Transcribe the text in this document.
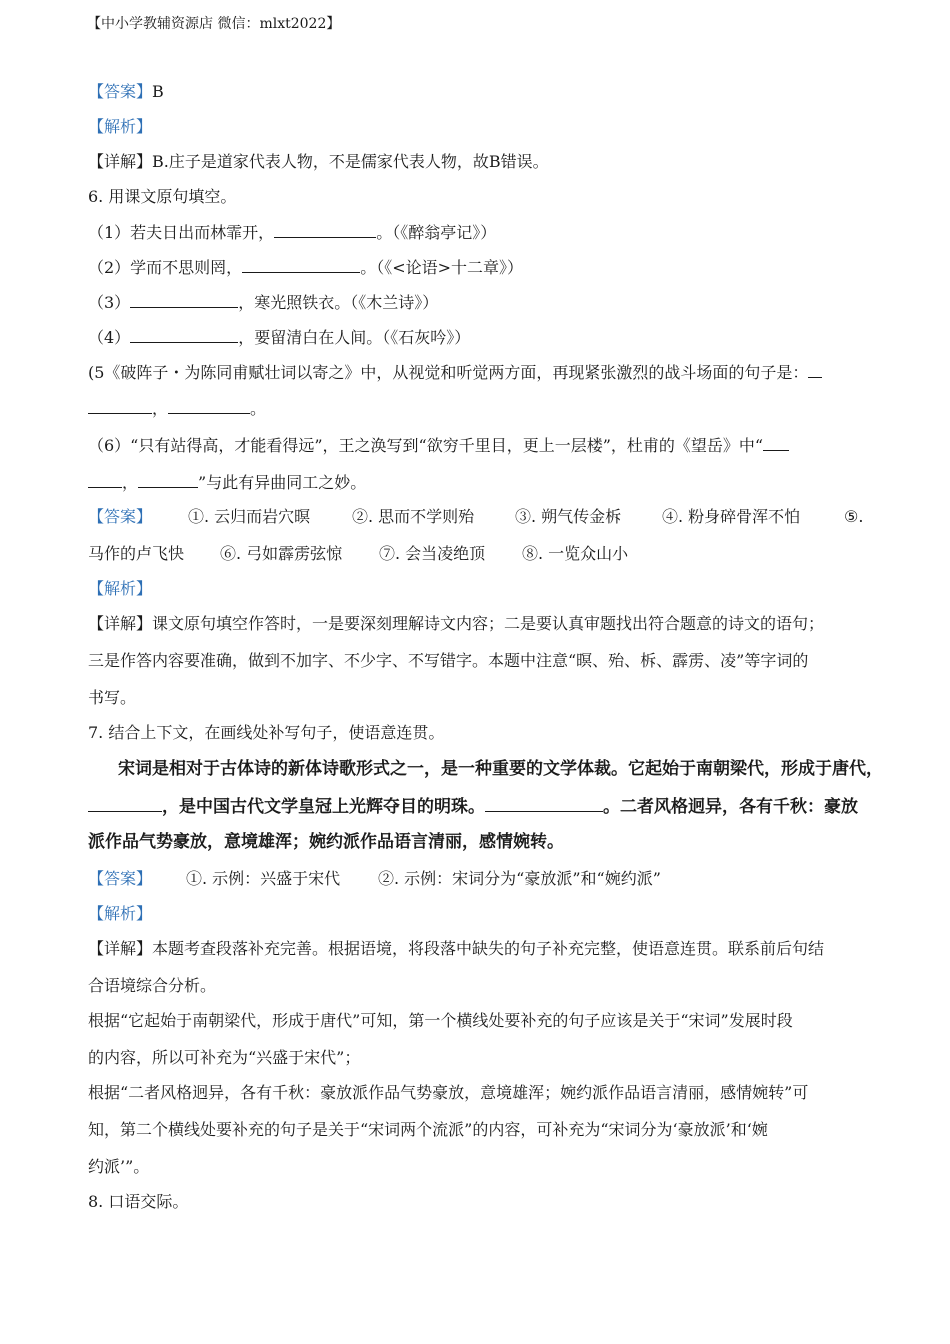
【中小学教辅资源店 微信：mlxt2022】
【答案】B
【解析】
【详解】B.庄子是道家代表人物，不是儒家代表人物，故B错误。
6. 用课文原句填空。
（1）若夫日出而林霏开，	。（《醉翁亭记》）
（2）学而不思则罔，	。（《<论语>十二章》）
（3）	，寒光照铁衣。（《木兰诗》）
（4）	，要留清白在人间。（《石灰吟》）
(5《破阵子・为陈同甫赋壮词以寄之》中，从视觉和听觉两方面，再现紧张激烈的战斗场面的句子是：
，	。
（6）“只有站得高，才能看得远”，王之涣写到“欲穷千里目，更上一层楼”，杜甫的《望岳》中“
，	”与此有异曲同工之妙。
【答案】 ①. 云归而岩穴暝	②. 思而不学则殆	③. 朔气传金柝	④. 粉身碎骨浑不怕	⑤.
马作的卢飞快 ⑥. 弓如霹雳弦惊 ⑦. 会当凌绝顶 ⑧. 一览众山小
【解析】
【详解】课文原句填空作答时，一是要深刻理解诗文内容；二是要认真审题找出符合题意的诗文的语句；
三是作答内容要准确，做到不加字、不少字、不写错字。本题中注意“暝、殆、柝、霹雳、凌”等字词的
书写。
7. 结合上下文，在画线处补写句子，使语意连贯。
宋词是相对于古体诗的新体诗歌形式之一，是一种重要的文学体裁。它起始于南朝梁代，形成于唐代，
，是中国古代文学皇冠上光辉夺目的明珠。	。二者风格迥异，各有千秋：豪放
派作品气势豪放，意境雄浑；婉约派作品语言清丽，感情婉转。
【答案】 ①. 示例：兴盛于宋代 ②. 示例：宋词分为“豪放派”和“婉约派”
【解析】
【详解】本题考查段落补充完善。根据语境，将段落中缺失的句子补充完整，使语意连贯。联系前后句结
合语境综合分析。
根据“它起始于南朝梁代，形成于唐代”可知，第一个横线处要补充的句子应该是关于“宋词”发展时段
的内容，所以可补充为“兴盛于宋代”；
根据“二者风格迥异，各有千秋：豪放派作品气势豪放，意境雄浑；婉约派作品语言清丽，感情婉转”可
知，第二个横线处要补充的句子是关于“宋词两个流派”的内容，可补充为“宋词分为‘豪放派’和‘婉
约派’”。
8. 口语交际。
